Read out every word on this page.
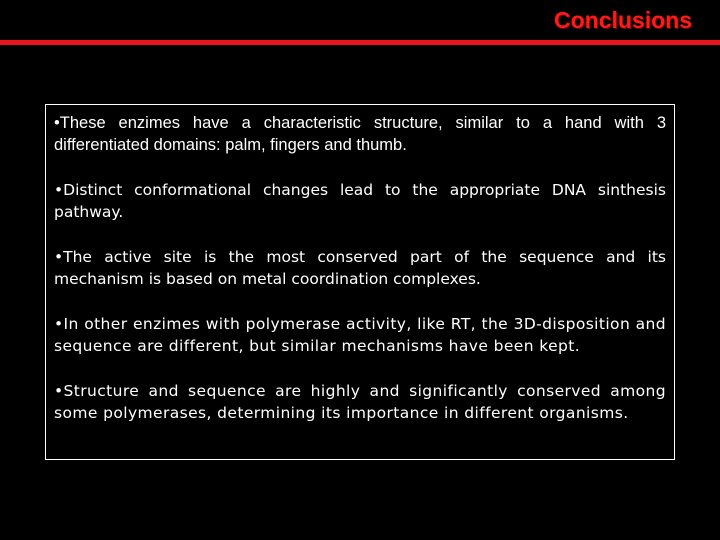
Conclusions

•These enzimes have a characteristic structure, similar to a hand with 3 differentiated domains: palm, fingers and thumb.

•Distinct conformational changes lead to the appropriate DNA sinthesis pathway.

•The active site is the most conserved part of the sequence and its mechanism is based on metal coordination complexes.

•In other enzimes with polymerase activity, like RT, the 3D-disposition and sequence are different, but similar mechanisms have been kept.

•Structure and sequence are highly and significantly conserved among some polymerases, determining its importance in different organisms.
